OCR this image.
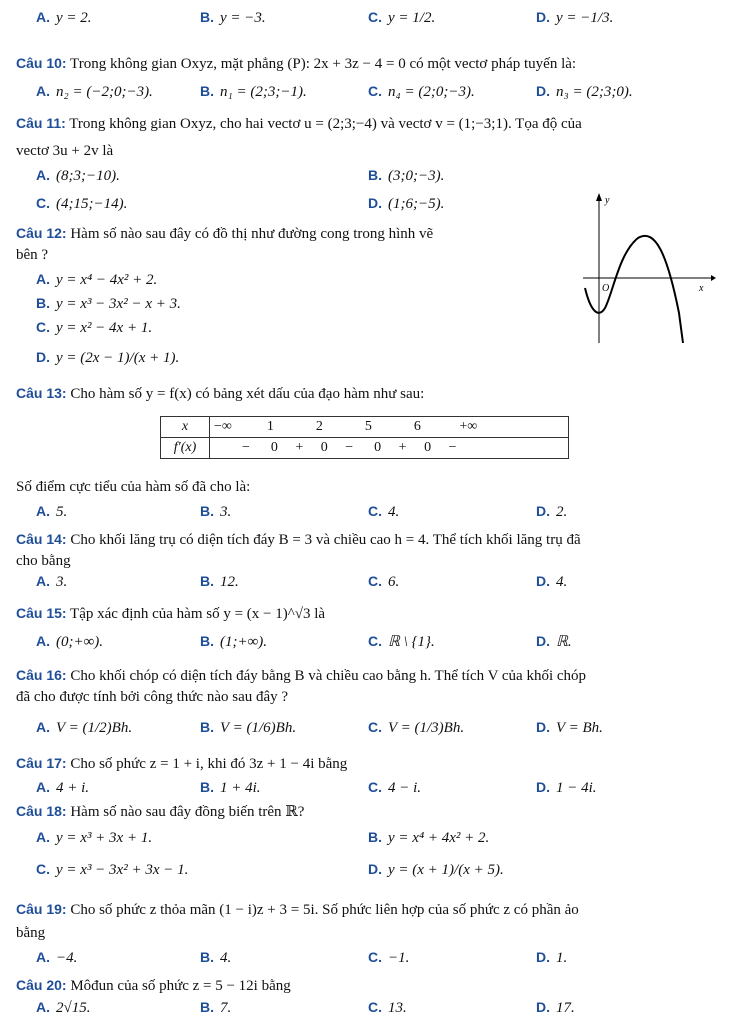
A. y = 2.	B. y = −3.	C. y = 1/2.	D. y = −1/3.
Câu 10: Trong không gian Oxyz, mặt phẳng (P): 2x + 3z − 4 = 0 có một vectơ pháp tuyến là:
A. n₂ = (−2;0;−3).	B. n₁ = (2;3;−1).	C. n₄ = (2;0;−3).	D. n₃ = (2;3;0).
Câu 11: Trong không gian Oxyz, cho hai vectơ u = (2;3;−4) và vectơ v = (1;−3;1). Tọa độ của
vectơ 3u + 2v là
A. (8;3;−10).	B. (3;0;−3).
C. (4;15;−14).	D. (1;6;−5).
Câu 12: Hàm số nào sau đây có đồ thị như đường cong trong hình vẽ
bên ?
A. y = x⁴ − 4x² + 2.
B. y = x³ − 3x² − x + 3.
C. y = x² − 4x + 1.
D. y = (2x − 1)/(x + 1).
Câu 13: Cho hàm số y = f(x) có bảng xét dấu của đạo hàm như sau:
Số điểm cực tiểu của hàm số đã cho là:
A. 5.	B. 3.	C. 4.	D. 2.
Câu 14: Cho khối lăng trụ có diện tích đáy B = 3 và chiều cao h = 4. Thể tích khối lăng trụ đã
cho bằng
A. 3.	B. 12.	C. 6.	D. 4.
Câu 15: Tập xác định của hàm số y = (x − 1)^√3 là
A. (0;+∞).	B. (1;+∞).	C. ℝ \ {1}.	D. ℝ.
Câu 16: Cho khối chóp có diện tích đáy bằng B và chiều cao bằng h. Thể tích V của khối chóp
đã cho được tính bởi công thức nào sau đây ?
A. V = (1/2)Bh.	B. V = (1/6)Bh.	C. V = (1/3)Bh.	D. V = Bh.
Câu 17: Cho số phức z = 1 + i, khi đó 3z + 1 − 4i bằng
A. 4 + i.	B. 1 + 4i.	C. 4 − i.	D. 1 − 4i.
Câu 18: Hàm số nào sau đây đồng biến trên ℝ?
A. y = x³ + 3x + 1.	B. y = x⁴ + 4x² + 2.
C. y = x³ − 3x² + 3x − 1.	D. y = (x + 1)/(x + 5).
Câu 19: Cho số phức z thỏa mãn (1 − i)z + 3 = 5i. Số phức liên hợp của số phức z có phần ảo
bằng
A. −4.	B. 4.	C. −1.	D. 1.
Câu 20: Môđun của số phức z = 5 − 12i bằng
A. 2√15.	B. 7.	C. 13.	D. 17.
x	−∞          1            2            5            6           +∞
f′(x)	−      0     +     0     −      0     +     0     −
y
x
O
